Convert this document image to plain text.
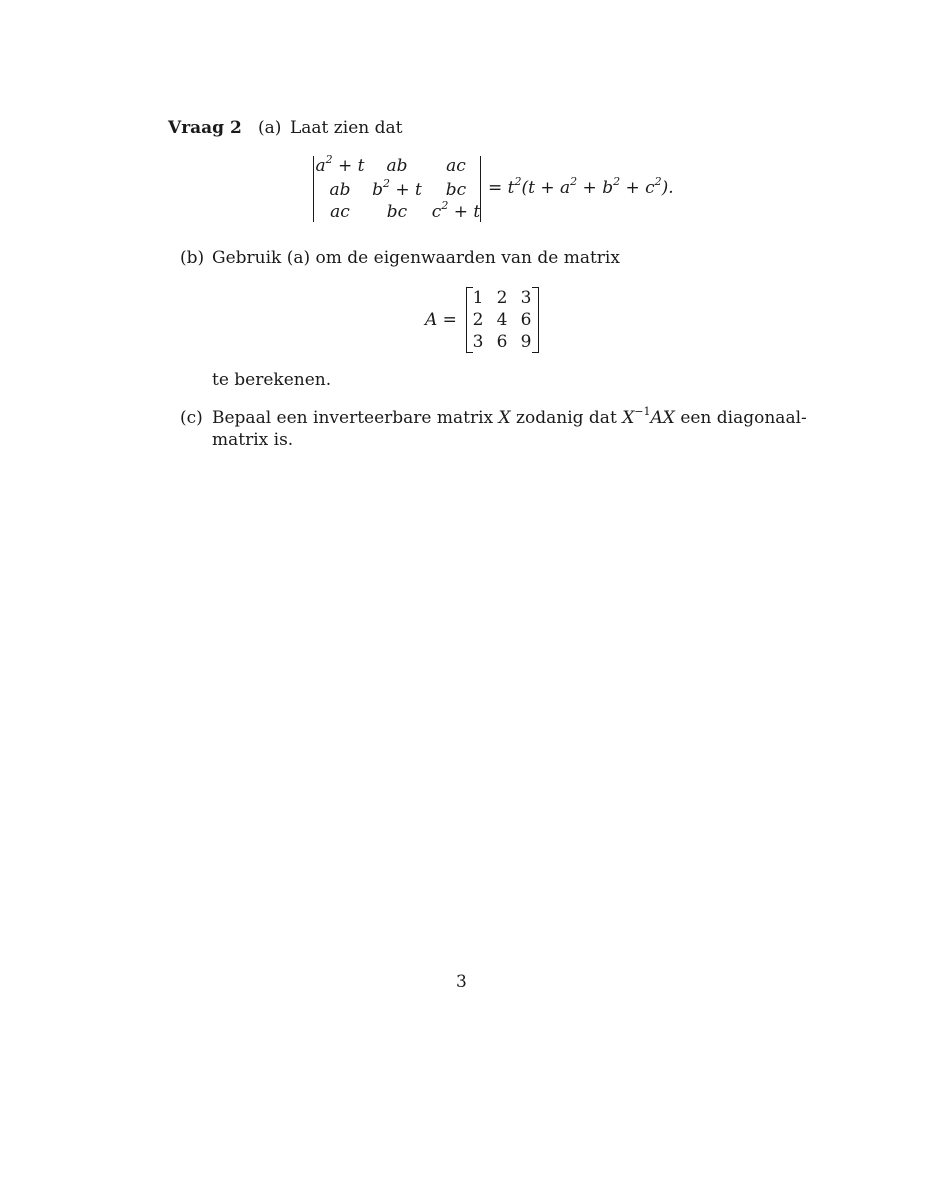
Vraag 2 (a) Laat zien dat
$a^2 + t$	ab	ac
ab	$b^2 + t$	bc
ac	bc	$c^2 + t$
= $t^2(t + a^2 + b^2 + c^2)$.
(b) Gebruik (a) om de eigenwaarden van de matrix
A =
1 2 3
2 4 6
3 6 9
te berekenen.
(c) Bepaal een inverteerbare matrix X zodanig dat $X^{-1}AX$ een diagonaal-
matrix is.
3
